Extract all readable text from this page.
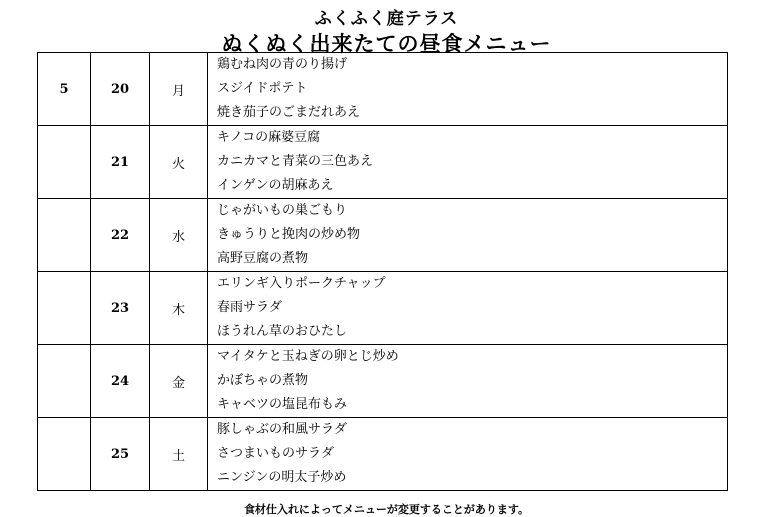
ふくふく庭テラス
ぬくぬく出来たての昼食メニュー
5	20	月	鶏むね肉の青のり揚げ
スジイドポテト
焼き茄子のごまだれあえ

	21	火	キノコの麻婆豆腐
カニカマと青菜の三色あえ
インゲンの胡麻あえ

	22	水	じゃがいもの巣ごもり
きゅうりと挽肉の炒め物
高野豆腐の煮物

	23	木	エリンギ入りポークチャップ
春雨サラダ
ほうれん草のおひたし

	24	金	マイタケと玉ねぎの卵とじ炒め
かぼちゃの煮物
キャベツの塩昆布もみ

	25	土	豚しゃぶの和風サラダ
さつまいものサラダ
ニンジンの明太子炒め
食材仕入れによってメニューが変更することがあります。
